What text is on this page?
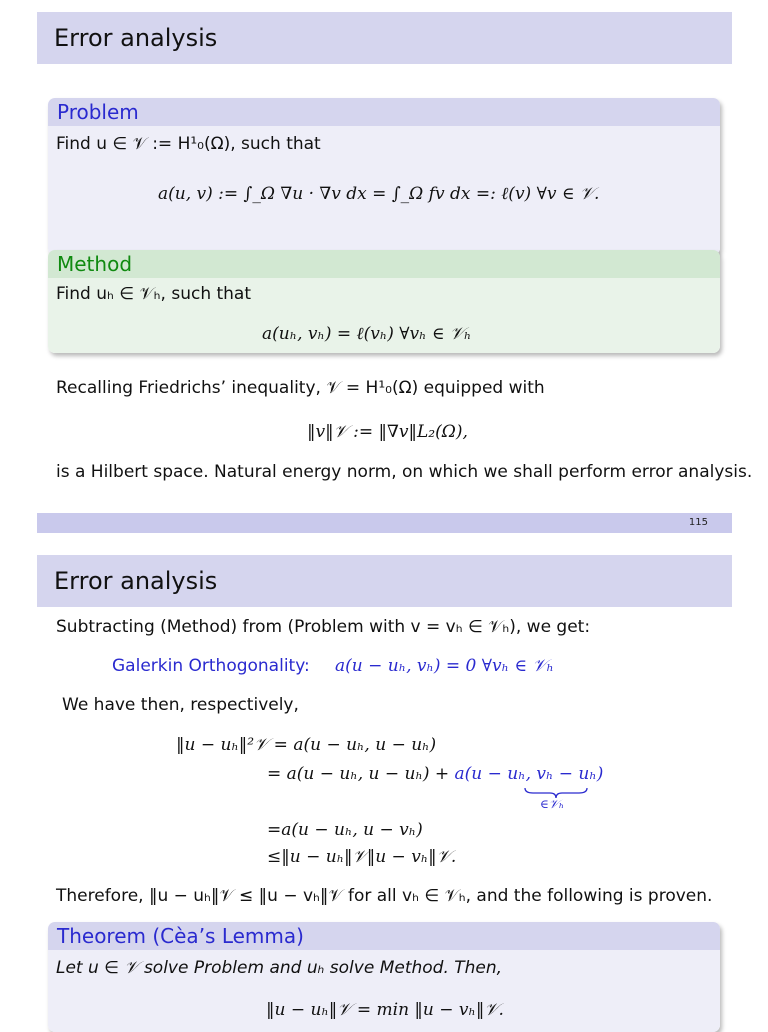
Error analysis
Problem
Find u ∈ 𝒱 := H¹₀(Ω), such that
a(u, v) := ∫_Ω ∇u · ∇v dx = ∫_Ω fv dx =: ℓ(v) ∀v ∈ 𝒱.
Method
Find uₕ ∈ 𝒱ₕ, such that
a(uₕ, vₕ) = ℓ(vₕ) ∀vₕ ∈ 𝒱ₕ
Recalling Friedrichs’ inequality, 𝒱 = H¹₀(Ω) equipped with
‖v‖𝒱 := ‖∇v‖L₂(Ω),
is a Hilbert space. Natural energy norm, on which we shall perform error analysis.
115
Error analysis
Subtracting (Method) from (Problem with v = vₕ ∈ 𝒱ₕ), we get:
Galerkin Orthogonality: a(u − uₕ, vₕ) = 0 ∀vₕ ∈ 𝒱ₕ
We have then, respectively,
‖u − uₕ‖²𝒱 = a(u − uₕ, u − uₕ)
= a(u − uₕ, u − uₕ) + a(u − uₕ, vₕ − uₕ)
∈𝒱ₕ
=a(u − uₕ, u − vₕ)
≤‖u − uₕ‖𝒱‖u − vₕ‖𝒱.
Therefore, ‖u − uₕ‖𝒱 ≤ ‖u − vₕ‖𝒱 for all vₕ ∈ 𝒱ₕ, and the following is proven.
Theorem (Cèa’s Lemma)
Let u ∈ 𝒱 solve Problem and uₕ solve Method. Then,
‖u − uₕ‖𝒱 = min ‖u − vₕ‖𝒱.
